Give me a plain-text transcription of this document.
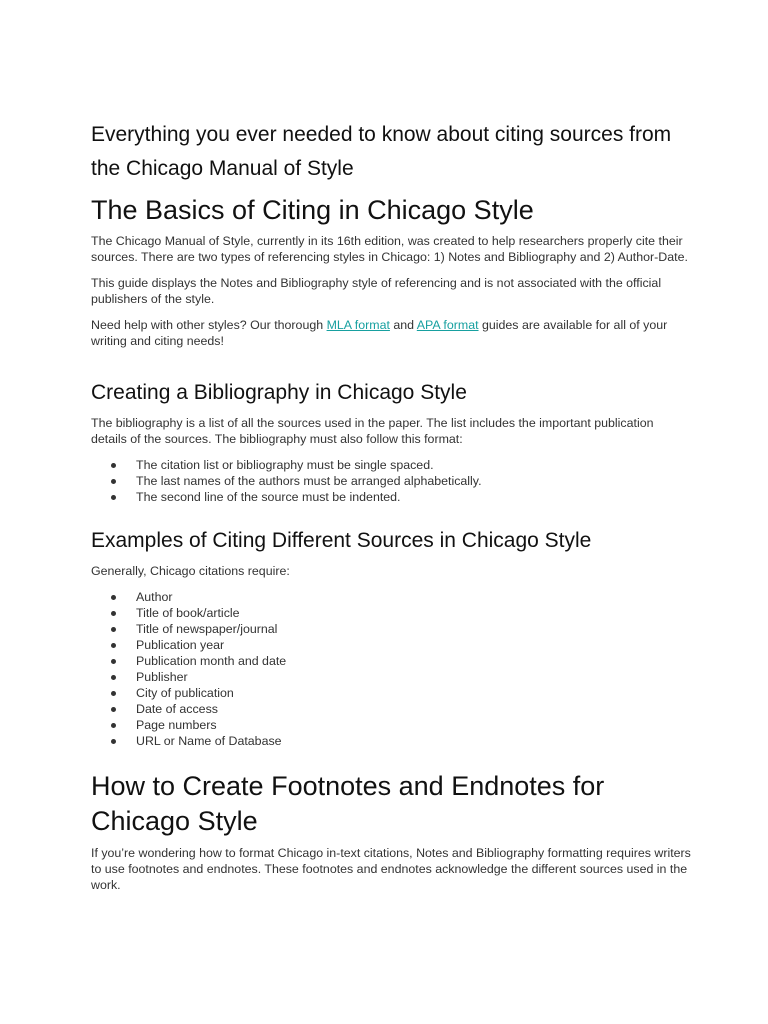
Everything you ever needed to know about citing sources from the Chicago Manual of Style
The Basics of Citing in Chicago Style
The Chicago Manual of Style, currently in its 16th edition, was created to help researchers properly cite their sources. There are two types of referencing styles in Chicago: 1) Notes and Bibliography and 2) Author-Date.
This guide displays the Notes and Bibliography style of referencing and is not associated with the official publishers of the style.
Need help with other styles? Our thorough MLA format and APA format guides are available for all of your writing and citing needs!
Creating a Bibliography in Chicago Style
The bibliography is a list of all the sources used in the paper. The list includes the important publication details of the sources. The bibliography must also follow this format:
The citation list or bibliography must be single spaced.
The last names of the authors must be arranged alphabetically.
The second line of the source must be indented.
Examples of Citing Different Sources in Chicago Style
Generally, Chicago citations require:
Author
Title of book/article
Title of newspaper/journal
Publication year
Publication month and date
Publisher
City of publication
Date of access
Page numbers
URL or Name of Database
How to Create Footnotes and Endnotes for Chicago Style
If you’re wondering how to format Chicago in-text citations, Notes and Bibliography formatting requires writers to use footnotes and endnotes. These footnotes and endnotes acknowledge the different sources used in the work.
